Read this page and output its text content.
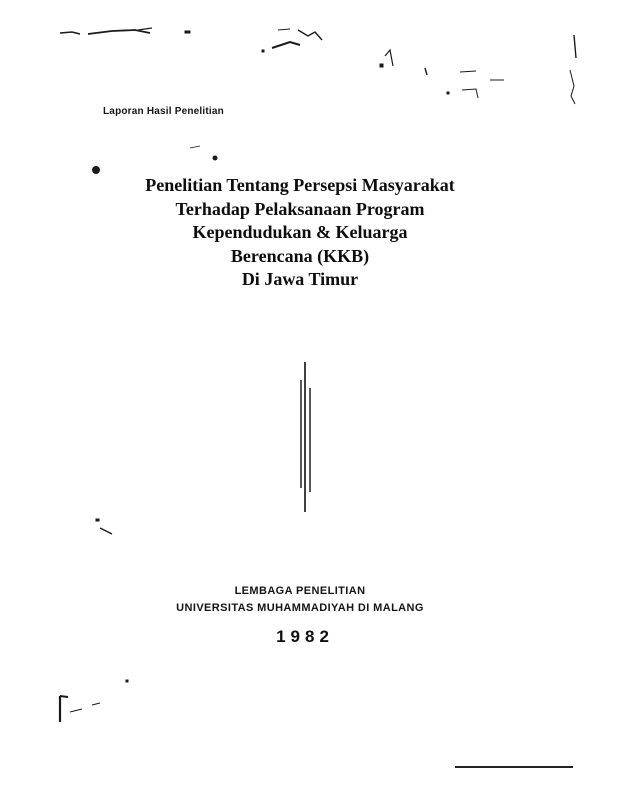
Laporan Hasil Penelitian
Penelitian Tentang Persepsi Masyarakat
Terhadap Pelaksanaan Program
Kependudukan & Keluarga
Berencana (KKB)
Di Jawa Timur
LEMBAGA PENELITIAN
UNIVERSITAS MUHAMMADIYAH DI MALANG
1982
